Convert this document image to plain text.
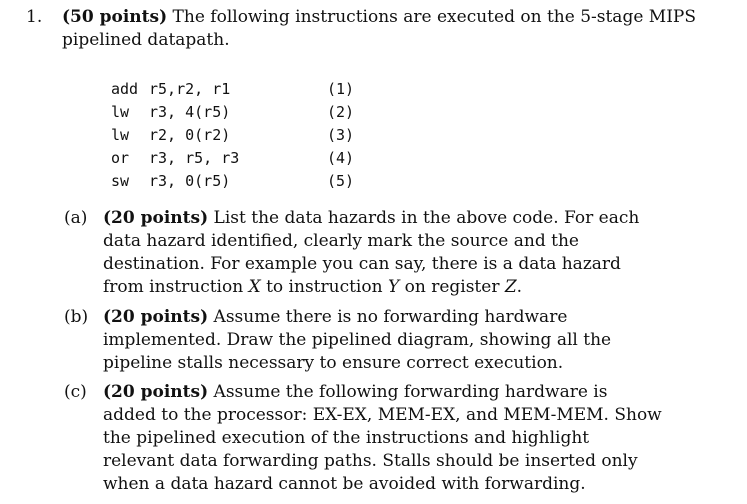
1. (50 points) The following instructions are executed on the 5-stage MIPS pipelined datapath.
add r5,r2, r1	(1)
lw r3, 4(r5)	(2)
lw r2, 0(r2)	(3)
or r3, r5, r3	(4)
sw r3, 0(r5)	(5)
(a) (20 points) List the data hazards in the above code. For each data hazard identified, clearly mark the source and the destination. For example you can say, there is a data hazard from instruction X to instruction Y on register Z.
(b) (20 points) Assume there is no forwarding hardware implemented. Draw the pipelined diagram, showing all the pipeline stalls necessary to ensure correct execution.
(c) (20 points) Assume the following forwarding hardware is added to the processor: EX-EX, MEM-EX, and MEM-MEM. Show the pipelined execution of the instructions and highlight relevant data forwarding paths. Stalls should be inserted only when a data hazard cannot be avoided with forwarding.
